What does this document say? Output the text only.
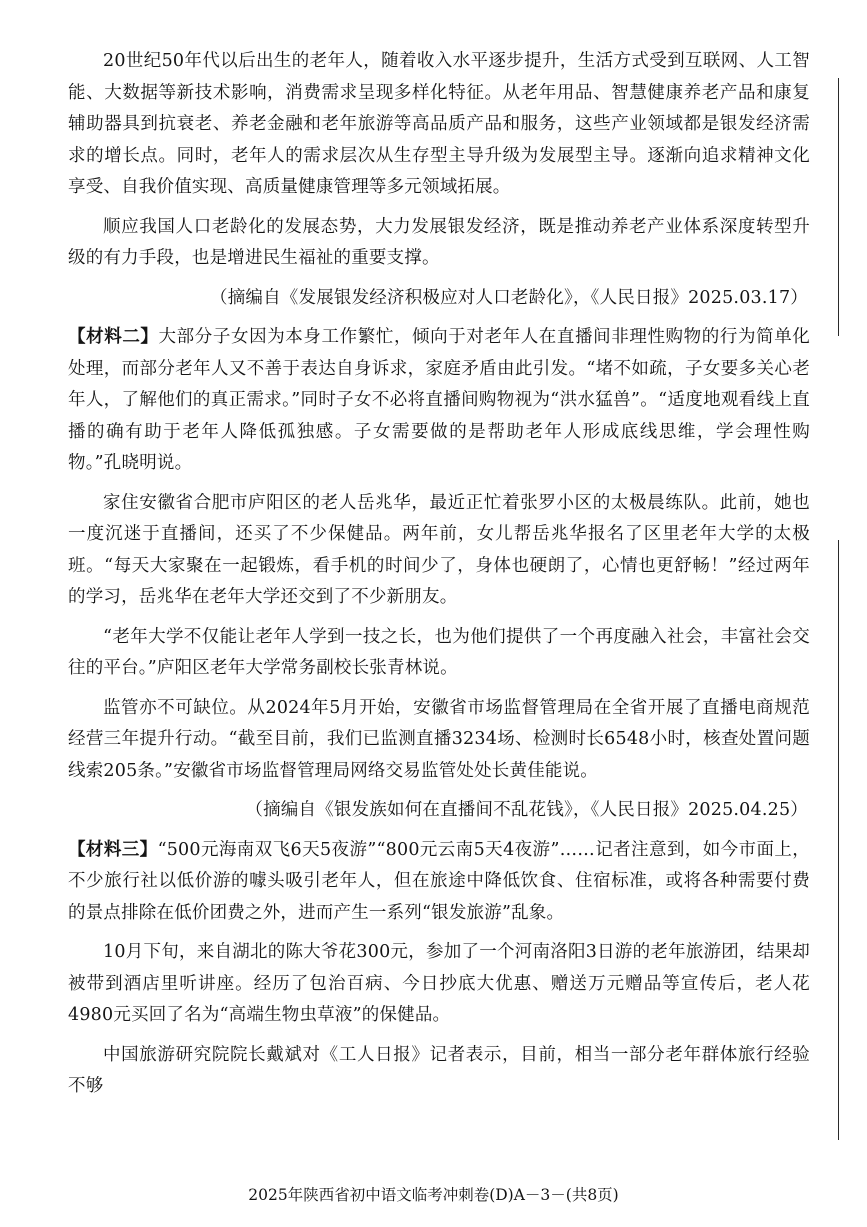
20世纪50年代以后出生的老年人，随着收入水平逐步提升，生活方式受到互联网、人工智能、大数据等新技术影响，消费需求呈现多样化特征。从老年用品、智慧健康养老产品和康复辅助器具到抗衰老、养老金融和老年旅游等高品质产品和服务，这些产业领域都是银发经济需求的增长点。同时，老年人的需求层次从生存型主导升级为发展型主导。逐渐向追求精神文化享受、自我价值实现、高质量健康管理等多元领域拓展。

顺应我国人口老龄化的发展态势，大力发展银发经济，既是推动养老产业体系深度转型升级的有力手段，也是增进民生福祉的重要支撑。

（摘编自《发展银发经济积极应对人口老龄化》，《人民日报》2025.03.17）

【材料二】大部分子女因为本身工作繁忙，倾向于对老年人在直播间非理性购物的行为简单化处理，而部分老年人又不善于表达自身诉求，家庭矛盾由此引发。“堵不如疏，子女要多关心老年人，了解他们的真正需求。”同时子女不必将直播间购物视为“洪水猛兽”。“适度地观看线上直播的确有助于老年人降低孤独感。子女需要做的是帮助老年人形成底线思维，学会理性购物。”孔晓明说。

家住安徽省合肥市庐阳区的老人岳兆华，最近正忙着张罗小区的太极晨练队。此前，她也一度沉迷于直播间，还买了不少保健品。两年前，女儿帮岳兆华报名了区里老年大学的太极班。“每天大家聚在一起锻炼，看手机的时间少了，身体也硬朗了，心情也更舒畅！”经过两年的学习，岳兆华在老年大学还交到了不少新朋友。

“老年大学不仅能让老年人学到一技之长，也为他们提供了一个再度融入社会，丰富社会交往的平台。”庐阳区老年大学常务副校长张青林说。

监管亦不可缺位。从2024年5月开始，安徽省市场监督管理局在全省开展了直播电商规范经营三年提升行动。“截至目前，我们已监测直播3234场、检测时长6548小时，核查处置问题线索205条。”安徽省市场监督管理局网络交易监管处处长黄佳能说。

（摘编自《银发族如何在直播间不乱花钱》，《人民日报》2025.04.25）

【材料三】“500元海南双飞6天5夜游”“800元云南5天4夜游”……记者注意到，如今市面上，不少旅行社以低价游的噱头吸引老年人，但在旅途中降低饮食、住宿标准，或将各种需要付费的景点排除在低价团费之外，进而产生一系列“银发旅游”乱象。

10月下旬，来自湖北的陈大爷花300元，参加了一个河南洛阳3日游的老年旅游团，结果却被带到酒店里听讲座。经历了包治百病、今日抄底大优惠、赠送万元赠品等宣传后，老人花4980元买回了名为“高端生物虫草液”的保健品。

中国旅游研究院院长戴斌对《工人日报》记者表示，目前，相当一部分老年群体旅行经验不够

2025年陕西省初中语文临考冲刺卷(D)A－3－(共8页)
